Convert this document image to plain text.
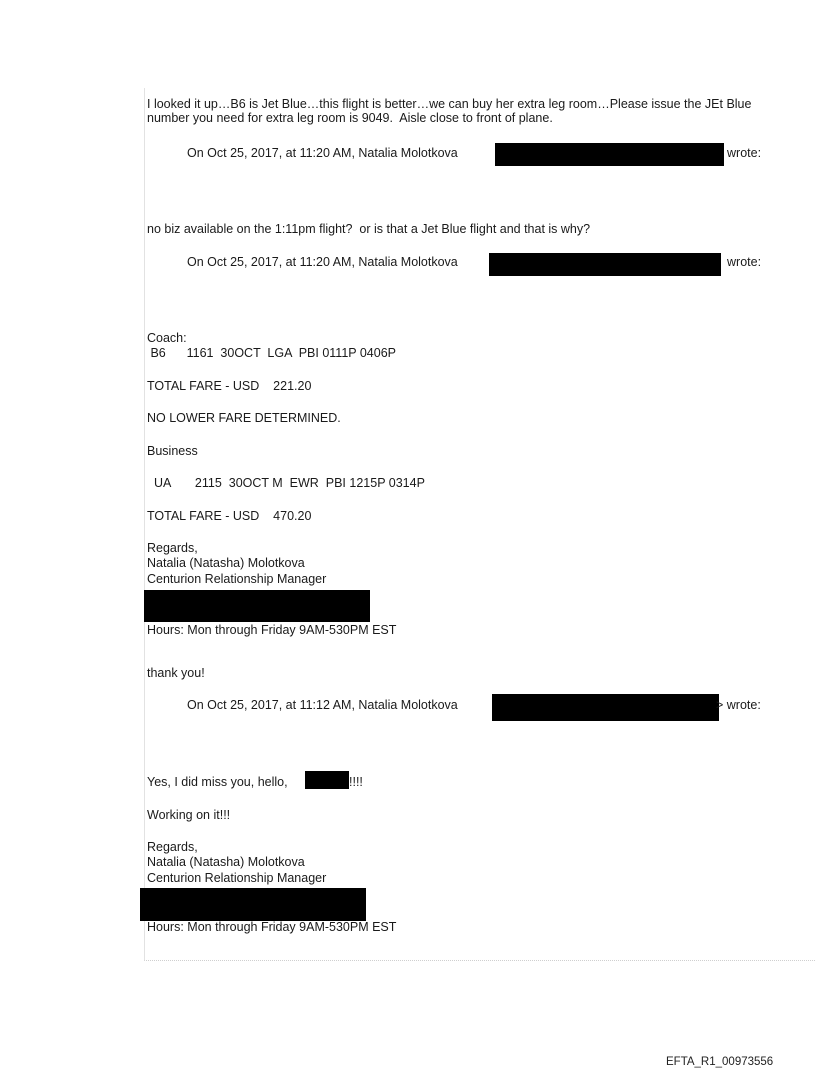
I looked it up…B6 is Jet Blue…this flight is better…we can buy her extra leg room…Please issue the JEt Blue
number you need for extra leg room is 9049.  Aisle close to front of plane.
On Oct 25, 2017, at 11:20 AM, Natalia Molotkova	wrote:
no biz available on the 1:11pm flight?  or is that a Jet Blue flight and that is why?
On Oct 25, 2017, at 11:20 AM, Natalia Molotkova	wrote:
Coach:
B6      1161  30OCT  LGA  PBI 0111P 0406P
TOTAL FARE - USD    221.20
NO LOWER FARE DETERMINED.
Business
UA       2115  30OCT M  EWR  PBI 1215P 0314P
TOTAL FARE - USD    470.20
Regards,
Natalia (Natasha) Molotkova
Centurion Relationship Manager
Hours: Mon through Friday 9AM-530PM EST
thank you!
On Oct 25, 2017, at 11:12 AM, Natalia Molotkova	> wrote:
Yes, I did miss you, hello,	!!!!
Working on it!!!
Regards,
Natalia (Natasha) Molotkova
Centurion Relationship Manager
Hours: Mon through Friday 9AM-530PM EST
EFTA_R1_00973556
